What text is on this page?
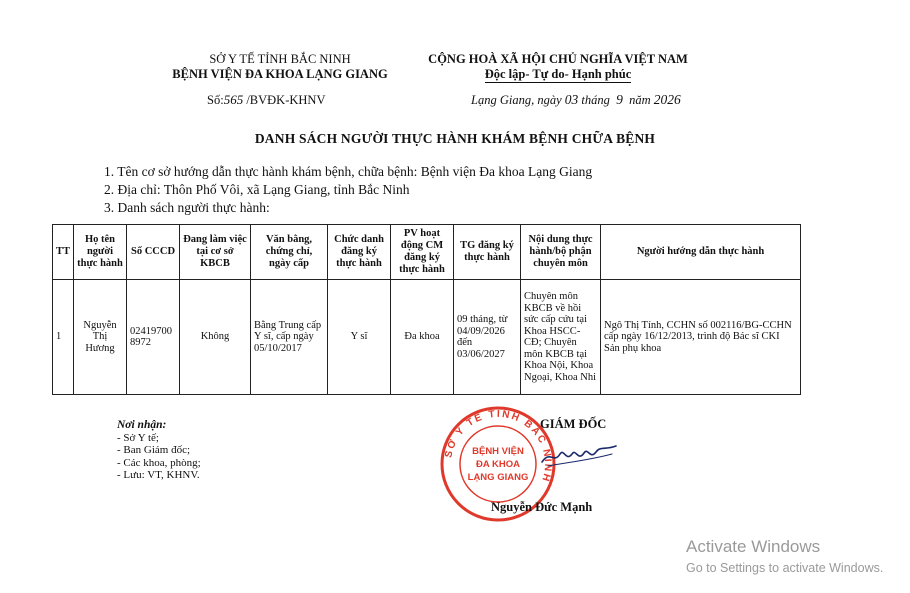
SỞ Y TẾ TỈNH BẮC NINH
BỆNH VIỆN ĐA KHOA LẠNG GIANG
CỘNG HOÀ XÃ HỘI CHỦ NGHĨA VIỆT NAM
Độc lập- Tự do- Hạnh phúc
Số:565 /BVĐK-KHNV	Lạng Giang, ngày 03 tháng 9 năm 2026
DANH SÁCH NGƯỜI THỰC HÀNH KHÁM BỆNH CHỮA BỆNH
1. Tên cơ sở hướng dẫn thực hành khám bệnh, chữa bệnh: Bệnh viện Đa khoa Lạng Giang
2. Địa chỉ: Thôn Phố Vôi, xã Lạng Giang, tỉnh Bắc Ninh
3. Danh sách người thực hành:
TT	Họ tên người thực hành	Số CCCD	Đang làm việc tại cơ sở KBCB	Văn bằng, chứng chỉ, ngày cấp	Chức danh đăng ký thực hành	PV hoạt động CM đăng ký thực hành	TG đăng ký thực hành	Nội dung thực hành/bộ phận chuyên môn	Người hướng dẫn thực hành
1	Nguyễn Thị Hương	024197008972	Không	Bằng Trung cấp Y sĩ, cấp ngày 05/10/2017	Y sĩ	Đa khoa	09 tháng, từ 04/09/2026 đến 03/06/2027	Chuyên môn KBCB về hồi sức cấp cứu tại Khoa HSCC-CĐ; Chuyên môn KBCB tại Khoa Nội, Khoa Ngoại, Khoa Nhi	Ngô Thị Tính, CCHN số 002116/BG-CCHN cấp ngày 16/12/2013, trình độ Bác sĩ CKI Sản phụ khoa
Nơi nhận:
- Sở Y tế;
- Ban Giám đốc;
- Các khoa, phòng;
- Lưu: VT, KHNV.
SỞ Y TẾ TỈNH BẮC NINH
BỆNH VIỆN
ĐA KHOA
LẠNG GIANG
GIÁM ĐỐC
Nguyễn Đức Mạnh
Activate Windows
Go to Settings to activate Windows.
